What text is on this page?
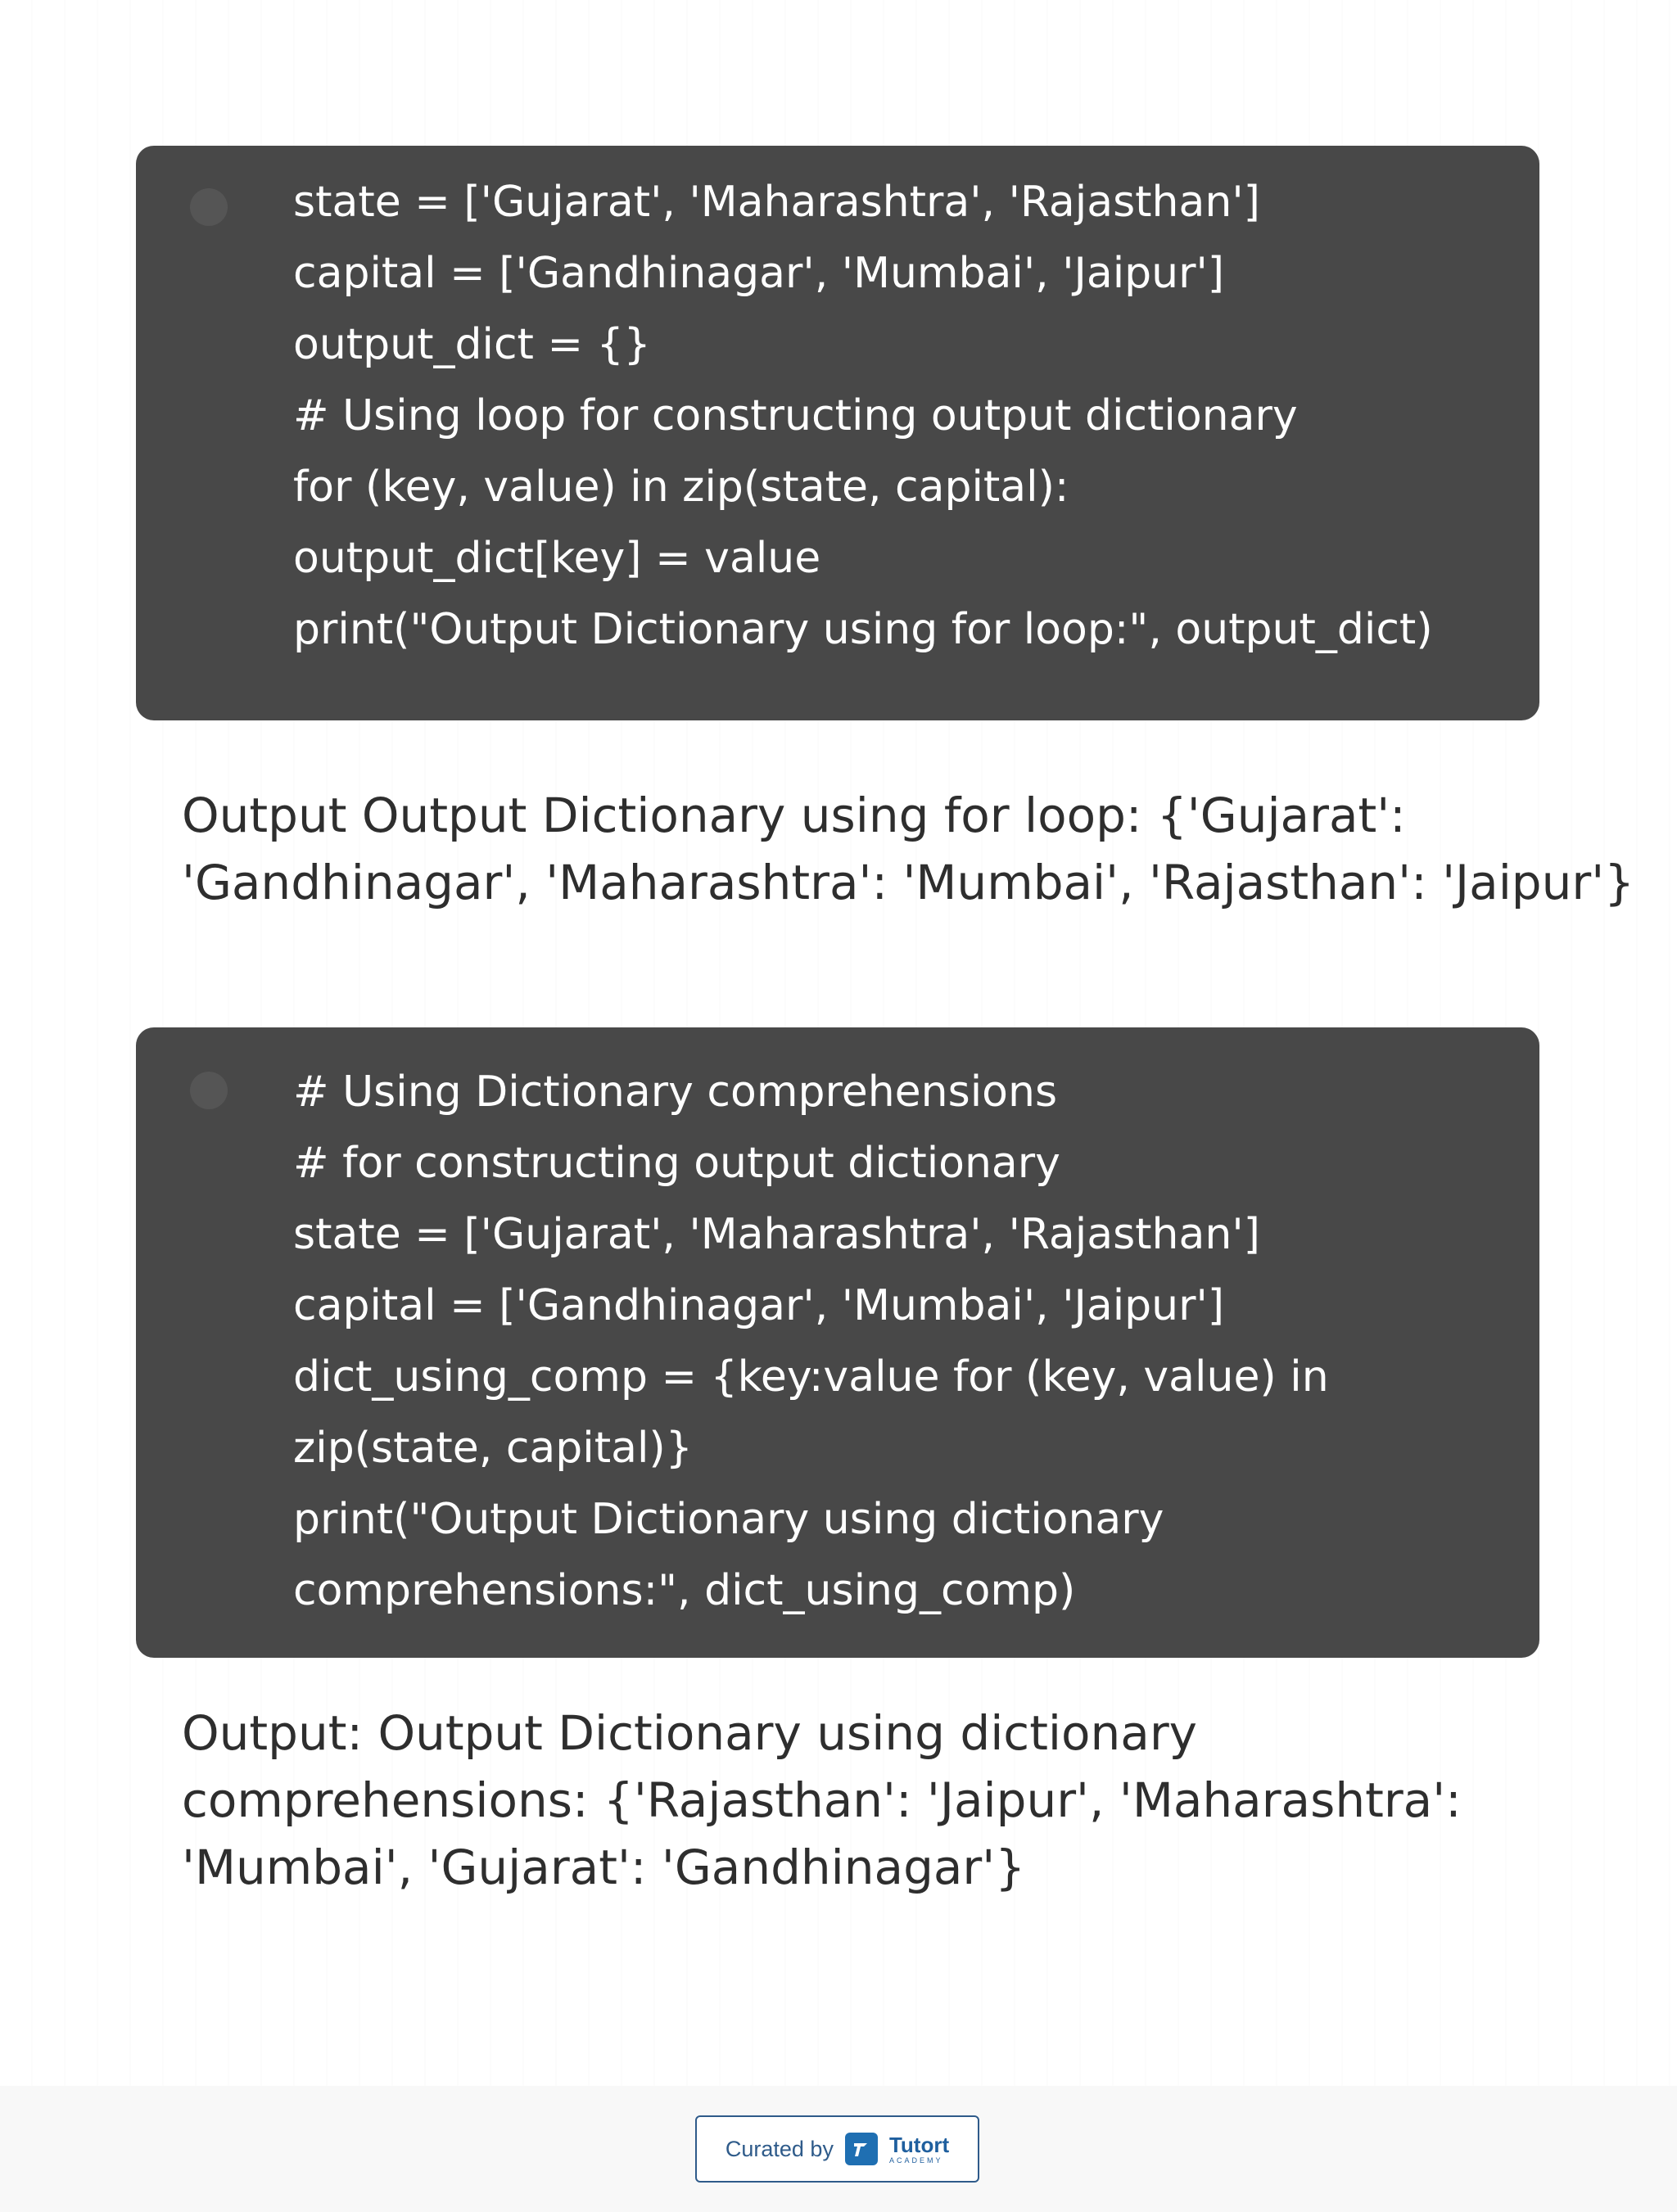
state = ['Gujarat', 'Maharashtra', 'Rajasthan']
capital = ['Gandhinagar', 'Mumbai', 'Jaipur']
output_dict = {}
# Using loop for constructing output dictionary
for (key, value) in zip(state, capital):
output_dict[key] = value
print("Output Dictionary using for loop:", output_dict)
Output Output Dictionary using for loop: {'Gujarat':
'Gandhinagar', 'Maharashtra': 'Mumbai', 'Rajasthan': 'Jaipur'}
# Using Dictionary comprehensions
# for constructing output dictionary
state = ['Gujarat', 'Maharashtra', 'Rajasthan']
capital = ['Gandhinagar', 'Mumbai', 'Jaipur']
dict_using_comp = {key:value for (key, value) in
zip(state, capital)}
print("Output Dictionary using dictionary
comprehensions:", dict_using_comp)
Output: Output Dictionary using dictionary
comprehensions: {'Rajasthan': 'Jaipur', 'Maharashtra':
'Mumbai', 'Gujarat': 'Gandhinagar'}
Curated by	Tutort
ACADEMY
